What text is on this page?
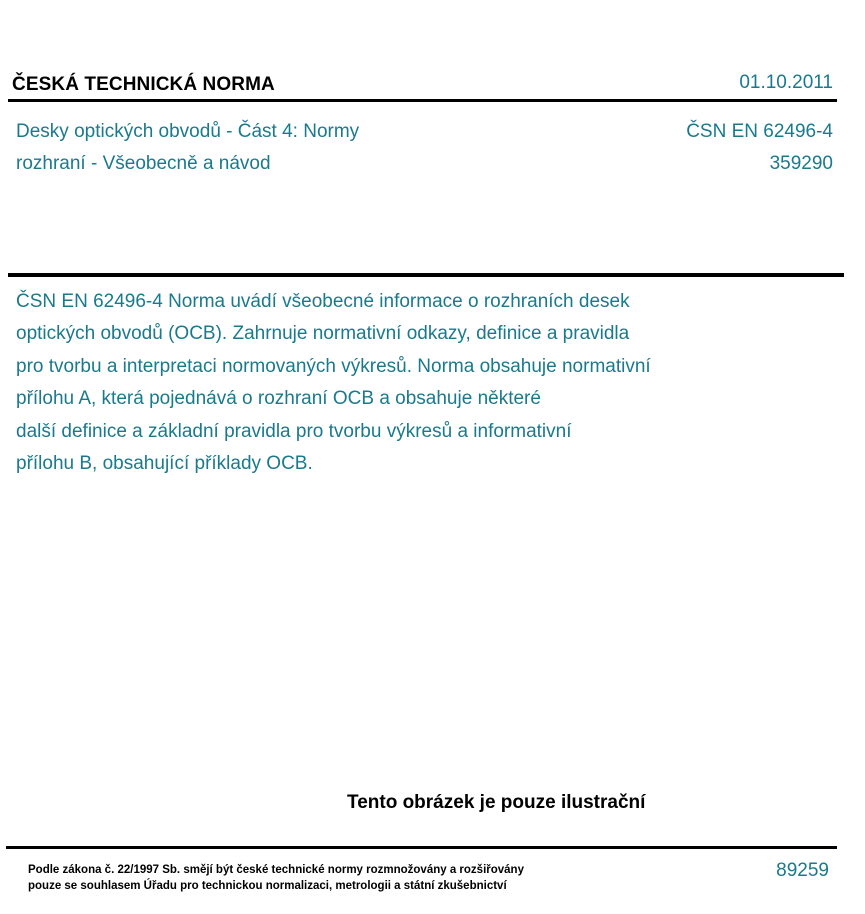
ČESKÁ TECHNICKÁ NORMA	01.10.2011
Desky optických obvodů - Část 4: Normy
rozhraní - Všeobecně a návod
ČSN EN 62496-4
359290
ČSN EN 62496-4 Norma uvádí všeobecné informace o rozhraních desek
optických obvodů (OCB). Zahrnuje normativní odkazy, definice a pravidla
pro tvorbu a interpretaci normovaných výkresů. Norma obsahuje normativní
přílohu A, která pojednává o rozhraní OCB a obsahuje některé
další definice a základní pravidla pro tvorbu výkresů a informativní
přílohu B, obsahující příklady OCB.
Tento obrázek je pouze ilustrační
Podle zákona č. 22/1997 Sb. smějí být české technické normy rozmnožovány a rozšiřovány
pouze se souhlasem Úřadu pro technickou normalizaci, metrologii a státní zkušebnictví
89259
